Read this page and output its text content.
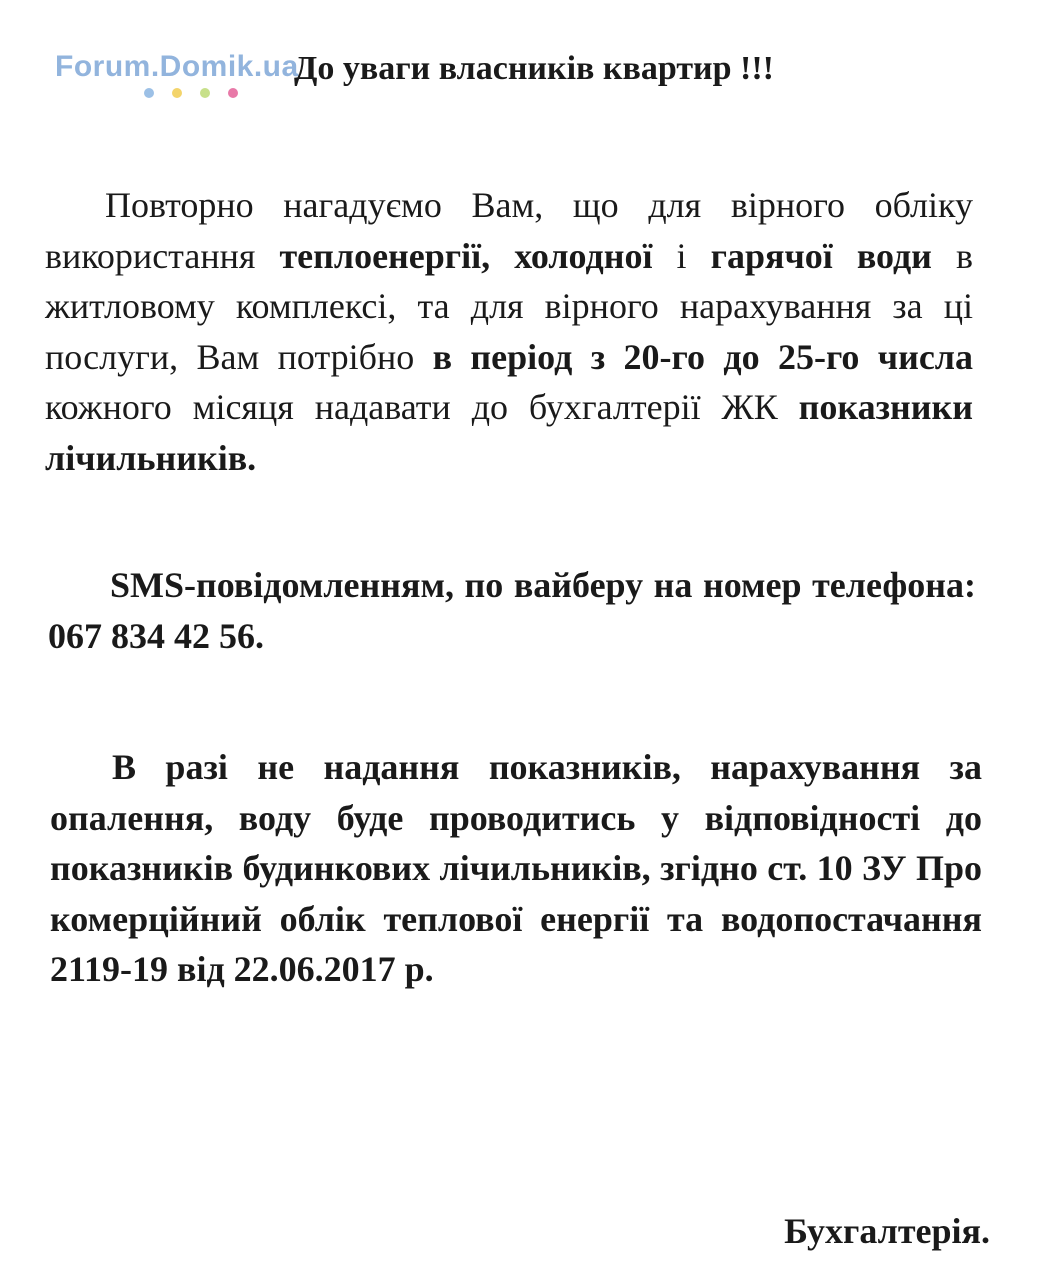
Forum.Domik.ua
До уваги власників квартир !!!
Повторно нагадуємо Вам, що для вірного обліку використання теплоенергії, холодної і гарячої води в житловому комплексі, та для вірного нарахування за ці послуги, Вам потрібно в період з 20-го до 25-го числа кожного місяця надавати до бухгалтерії ЖК показники лічильників.
SMS-повідомленням, по вайберу на номер телефона: 067 834 42 56.
В разі не надання показників, нарахування за опалення, воду буде проводитись у відповідності до показників будинкових лічильників, згідно ст. 10 ЗУ Про комерційний облік теплової енергії та водопостачання 2119-19 від 22.06.2017 р.
Бухгалтерія.
